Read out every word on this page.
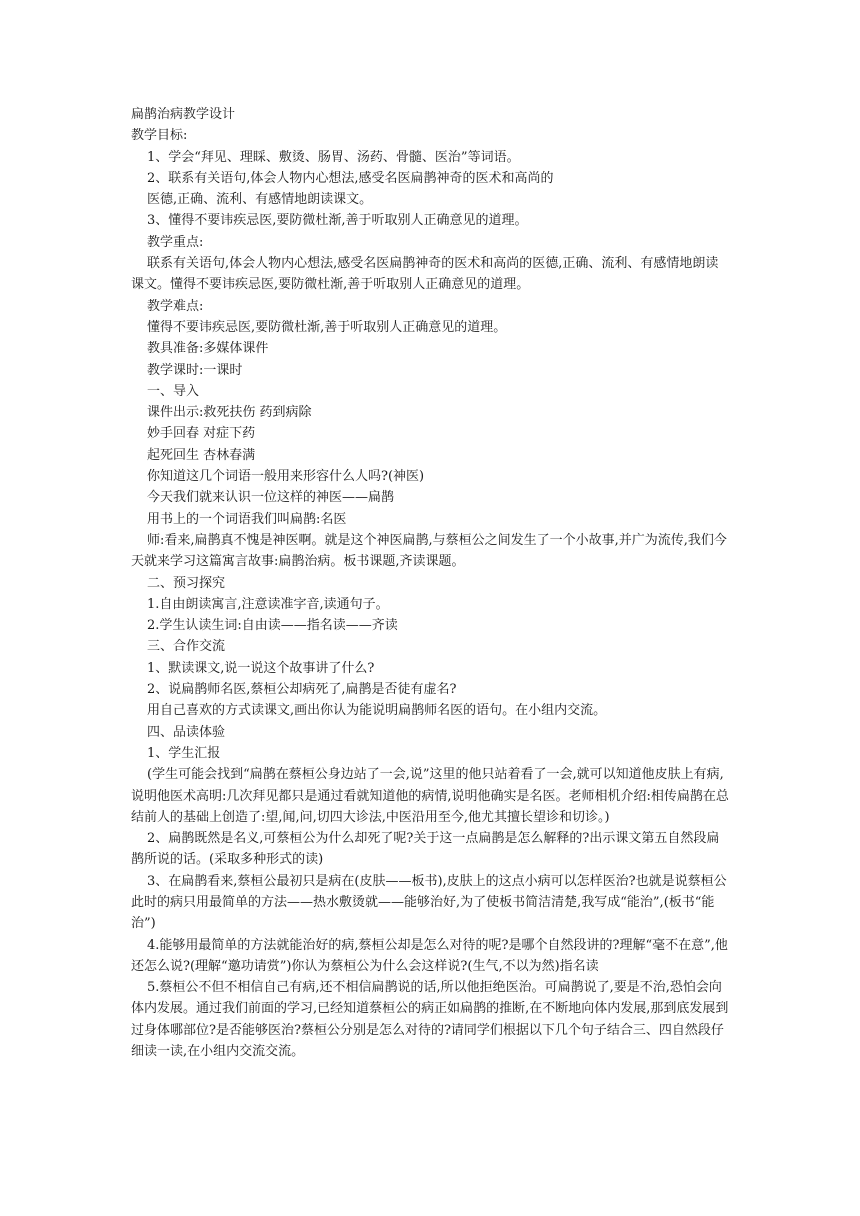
扁鹊治病教学设计

教学目标:

1、学会“拜见、理睬、敷烫、肠胃、汤药、骨髓、医治”等词语。

2、联系有关语句,体会人物内心想法,感受名医扁鹊神奇的医术和高尚的

医德,正确、流利、有感情地朗读课文。

3、懂得不要讳疾忌医,要防微杜渐,善于听取别人正确意见的道理。

教学重点:

联系有关语句,体会人物内心想法,感受名医扁鹊神奇的医术和高尚的医德,正确、流利、有感情地朗读课文。懂得不要讳疾忌医,要防微杜渐,善于听取别人正确意见的道理。

教学难点:

懂得不要讳疾忌医,要防微杜渐,善于听取别人正确意见的道理。

教具准备:多媒体课件

教学课时:一课时

一、导入

课件出示:救死扶伤 药到病除

妙手回春 对症下药

起死回生 杏林春满

你知道这几个词语一般用来形容什么人吗?(神医)

今天我们就来认识一位这样的神医——扁鹊

用书上的一个词语我们叫扁鹊:名医

师:看来,扁鹊真不愧是神医啊。就是这个神医扁鹊,与蔡桓公之间发生了一个小故事,并广为流传,我们今天就来学习这篇寓言故事:扁鹊治病。板书课题,齐读课题。

二、预习探究

1.自由朗读寓言,注意读准字音,读通句子。

2.学生认读生词:自由读——指名读——齐读

三、合作交流

1、默读课文,说一说这个故事讲了什么?

2、说扁鹊师名医,蔡桓公却病死了,扁鹊是否徒有虚名?

用自己喜欢的方式读课文,画出你认为能说明扁鹊师名医的语句。在小组内交流。

四、品读体验

1、学生汇报

(学生可能会找到“扁鹊在蔡桓公身边站了一会,说”这里的他只站着看了一会,就可以知道他皮肤上有病,说明他医术高明:几次拜见都只是通过看就知道他的病情,说明他确实是名医。老师相机介绍:相传扁鹊在总结前人的基础上创造了:望,闻,问,切四大诊法,中医沿用至今,他尤其擅长望诊和切诊。)

2、扁鹊既然是名义,可蔡桓公为什么却死了呢?关于这一点扁鹊是怎么解释的?出示课文第五自然段扁鹊所说的话。(采取多种形式的读)

3、在扁鹊看来,蔡桓公最初只是病在(皮肤——板书),皮肤上的这点小病可以怎样医治?也就是说蔡桓公此时的病只用最简单的方法——热水敷烫就——能够治好,为了使板书简洁清楚,我写成“能治”,(板书“能治”)

4.能够用最简单的方法就能治好的病,蔡桓公却是怎么对待的呢?是哪个自然段讲的?理解“毫不在意”,他还怎么说?(理解“邀功请赏”)你认为蔡桓公为什么会这样说?(生气,不以为然)指名读

5.蔡桓公不但不相信自己有病,还不相信扁鹊说的话,所以他拒绝医治。可扁鹊说了,要是不治,恐怕会向体内发展。通过我们前面的学习,已经知道蔡桓公的病正如扁鹊的推断,在不断地向体内发展,那到底发展到过身体哪部位?是否能够医治?蔡桓公分别是怎么对待的?请同学们根据以下几个句子结合三、四自然段仔细读一读,在小组内交流交流。
